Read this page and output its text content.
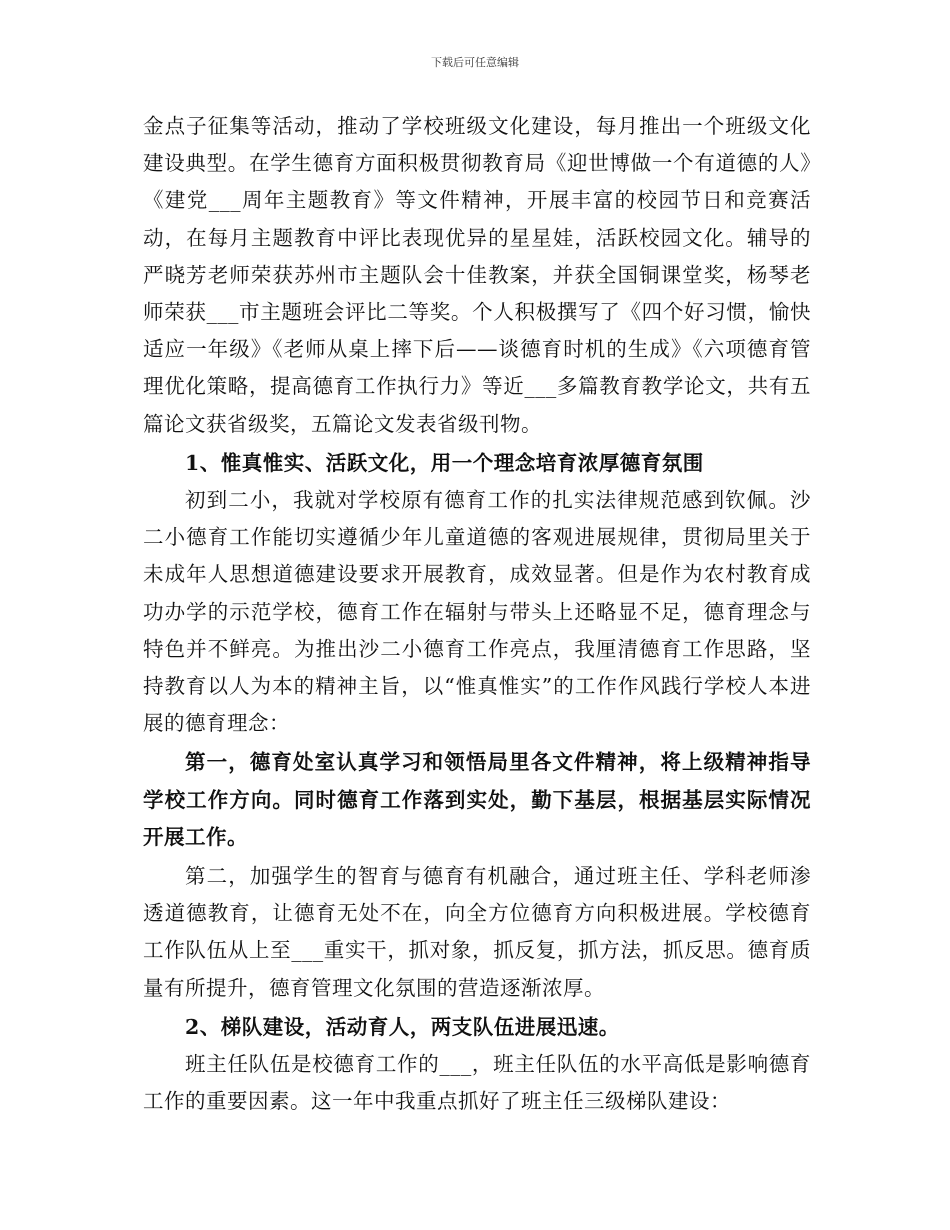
下载后可任意编辑

金点子征集等活动，推动了学校班级文化建设，每月推出一个班级文化建设典型。在学生德育方面积极贯彻教育局《迎世博做一个有道德的人》《建党___周年主题教育》等文件精神，开展丰富的校园节日和竞赛活动，在每月主题教育中评比表现优异的星星娃，活跃校园文化。辅导的严晓芳老师荣获苏州市主题队会十佳教案，并获全国铜课堂奖，杨琴老师荣获___市主题班会评比二等奖。个人积极撰写了《四个好习惯，愉快适应一年级》《老师从桌上摔下后——谈德育时机的生成》《六项德育管理优化策略，提高德育工作执行力》等近___多篇教育教学论文，共有五篇论文获省级奖，五篇论文发表省级刊物。

1、惟真惟实、活跃文化，用一个理念培育浓厚德育氛围

初到二小，我就对学校原有德育工作的扎实法律规范感到钦佩。沙二小德育工作能切实遵循少年儿童道德的客观进展规律，贯彻局里关于未成年人思想道德建设要求开展教育，成效显著。但是作为农村教育成功办学的示范学校，德育工作在辐射与带头上还略显不足，德育理念与特色并不鲜亮。为推出沙二小德育工作亮点，我厘清德育工作思路，坚持教育以人为本的精神主旨，以“惟真惟实”的工作作风践行学校人本进展的德育理念：

第一，德育处室认真学习和领悟局里各文件精神，将上级精神指导学校工作方向。同时德育工作落到实处，勤下基层，根据基层实际情况开展工作。

第二，加强学生的智育与德育有机融合，通过班主任、学科老师渗透道德教育，让德育无处不在，向全方位德育方向积极进展。学校德育工作队伍从上至___重实干，抓对象，抓反复，抓方法，抓反思。德育质量有所提升，德育管理文化氛围的营造逐渐浓厚。

2、梯队建设，活动育人，两支队伍进展迅速。

班主任队伍是校德育工作的___，班主任队伍的水平高低是影响德育工作的重要因素。这一年中我重点抓好了班主任三级梯队建设：
